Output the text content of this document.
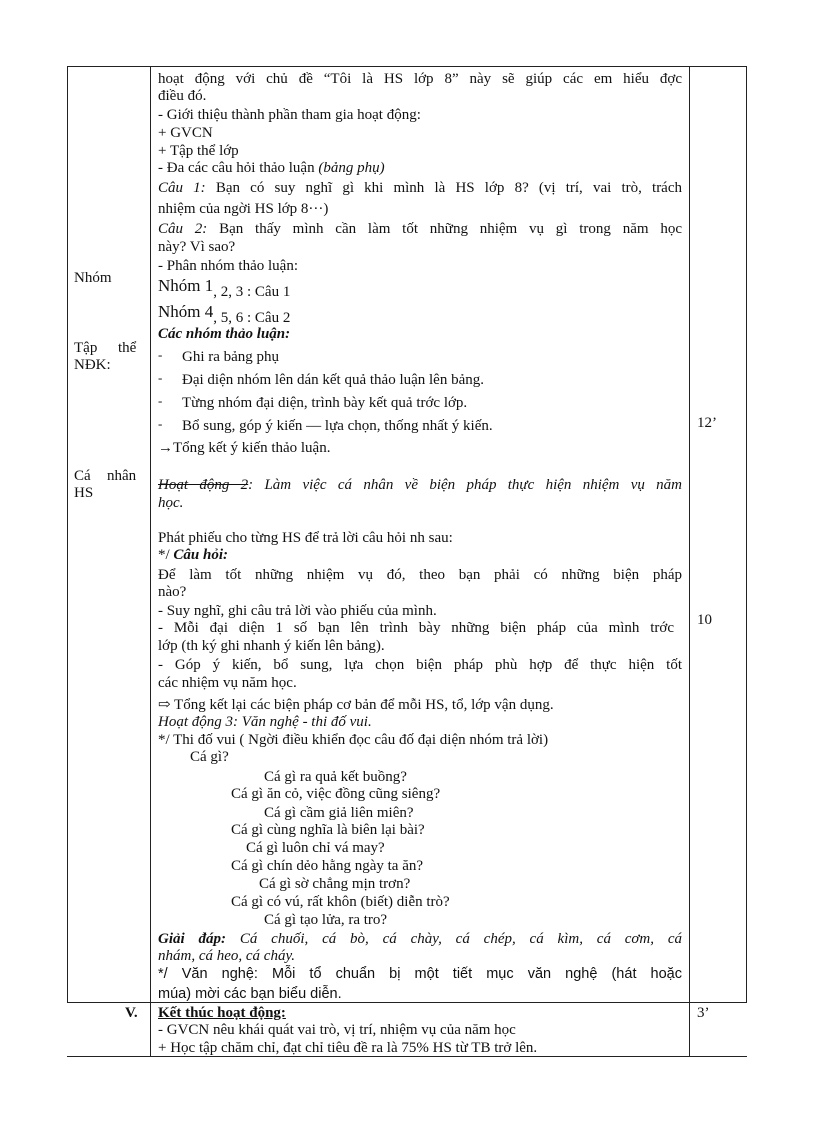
Nhóm
Tập thể
NĐK:
Cá nhân
HS
V.
12’
10
3’
hoạt động với chủ đề “Tôi là HS lớp 8” này sẽ giúp các em hiểu đợc
điều đó.
- Giới thiệu thành phần tham gia hoạt động:
+ GVCN
+ Tập thể lớp
- Đa các câu hỏi thảo luận (bảng phụ)
Câu 1: Bạn có suy nghĩ gì khi mình là HS lớp 8? (vị trí, vai trò, trách
nhiệm của ngời HS lớp 8···)
Câu 2: Bạn thấy mình cần làm tốt những nhiệm vụ gì trong năm học
này? Vì sao?
- Phân nhóm thảo luận:
Nhóm 1, 2, 3 : Câu 1
Nhóm 4, 5, 6 : Câu 2
Các nhóm thảo luận:
- Ghi ra bảng phụ
- Đại diện nhóm lên dán kết quả thảo luận lên bảng.
- Từng nhóm đại diện, trình bày kết quả trớc lớp.
- Bổ sung, góp ý kiến — lựa chọn, thống nhất ý kiến.
→Tổng kết ý kiến thảo luận.
Hoạt động 2: Làm việc cá nhân về biện pháp thực hiện nhiệm vụ năm
học.
Phát phiếu cho từng HS để trả lời câu hỏi nh sau:
*/ Câu hỏi:
Để làm tốt những nhiệm vụ đó, theo bạn phải có những biện pháp
nào?
- Suy nghĩ, ghi câu trả lời vào phiếu của mình.
- Mỗi đại diện 1 số bạn lên trình bày những biện pháp của mình trớc
lớp (th ký ghi nhanh ý kiến lên bảng).
- Góp ý kiến, bổ sung, lựa chọn biện pháp phù hợp để thực hiện tốt
các nhiệm vụ năm học.
⇨ Tổng kết lại các biện pháp cơ bản để mỗi HS, tổ, lớp vận dụng.
Hoạt động 3: Văn nghệ - thi đố vui.
*/ Thi đố vui ( Ngời điều khiển đọc câu đố đại diện nhóm trả lời)
Cá gì?
Cá gì ra quả kết buồng?
Cá gì ăn cỏ, việc đồng cũng siêng?
Cá gì cầm giả liên miên?
Cá gì cùng nghĩa là biên lại bài?
Cá gì luôn chỉ vá may?
Cá gì chín dẻo hằng ngày ta ăn?
Cá gì sờ chẳng mịn trơn?
Cá gì có vú, rất khôn (biết) diễn trò?
Cá gì tạo lửa, ra tro?
Giải đáp: Cá chuối, cá bò, cá chày, cá chép, cá kìm, cá cơm, cá
nhám, cá heo, cá cháy.
*/ Văn nghệ: Mỗi tổ chuẩn bị một tiết mục văn nghệ (hát hoặc
múa) mời các bạn biểu diễn.
Kết thúc hoạt động:
- GVCN nêu khái quát vai trò, vị trí, nhiệm vụ của năm học
+ Học tập chăm chỉ, đạt chỉ tiêu đề ra là 75% HS từ TB trở lên.
